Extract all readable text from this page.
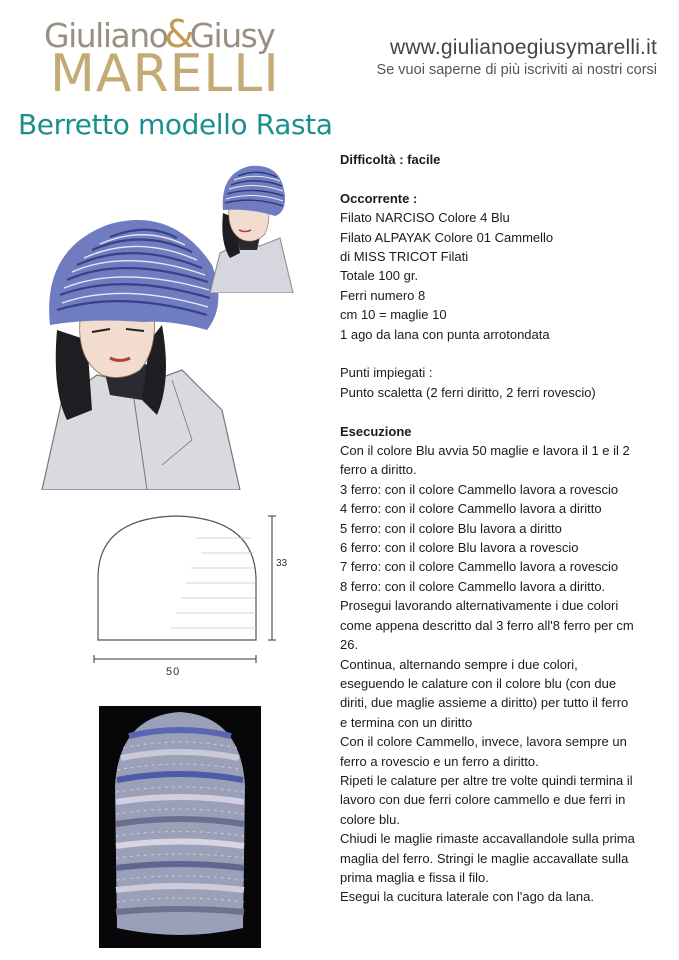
Giuliano&Giusy
MARELLI	www.giulianoegiusymarelli.it
Se vuoi saperne di più iscriviti ai nostri corsi
Berretto modello Rasta
33
50
Difficoltà : facile
Occorrente :
Filato NARCISO Colore 4 Blu
Filato ALPAYAK Colore 01 Cammello
di MISS TRICOT Filati
Totale 100 gr.
Ferri numero 8
cm 10 = maglie 10
1 ago da lana con punta arrotondata
Punti impiegati :
Punto scaletta (2 ferri diritto, 2 ferri rovescio)
Esecuzione
Con il colore Blu avvia 50 maglie e lavora il 1 e il 2
ferro a diritto.
3 ferro: con il colore Cammello lavora a rovescio
4 ferro: con il colore Cammello lavora a diritto
5 ferro: con il colore Blu lavora a diritto
6 ferro: con il colore Blu lavora a rovescio
7 ferro: con il colore Cammello lavora a rovescio
8 ferro: con il colore Cammello lavora a diritto.
Prosegui lavorando alternativamente i due colori
come appena descritto dal 3 ferro all'8 ferro per cm
26.
Continua, alternando sempre i due colori,
eseguendo le calature con il colore blu (con due
diriti, due maglie assieme a diritto) per tutto il ferro
e termina con un diritto
Con il colore Cammello, invece, lavora sempre un
ferro a rovescio e un ferro a diritto.
Ripeti le calature per altre tre volte quindi termina il
lavoro con due ferri colore cammello e due ferri in
colore blu.
Chiudi le maglie rimaste accavallandole sulla prima
maglia del ferro. Stringi le maglie accavallate sulla
prima maglia e fissa il filo.
Esegui la cucitura laterale con l'ago da lana.
